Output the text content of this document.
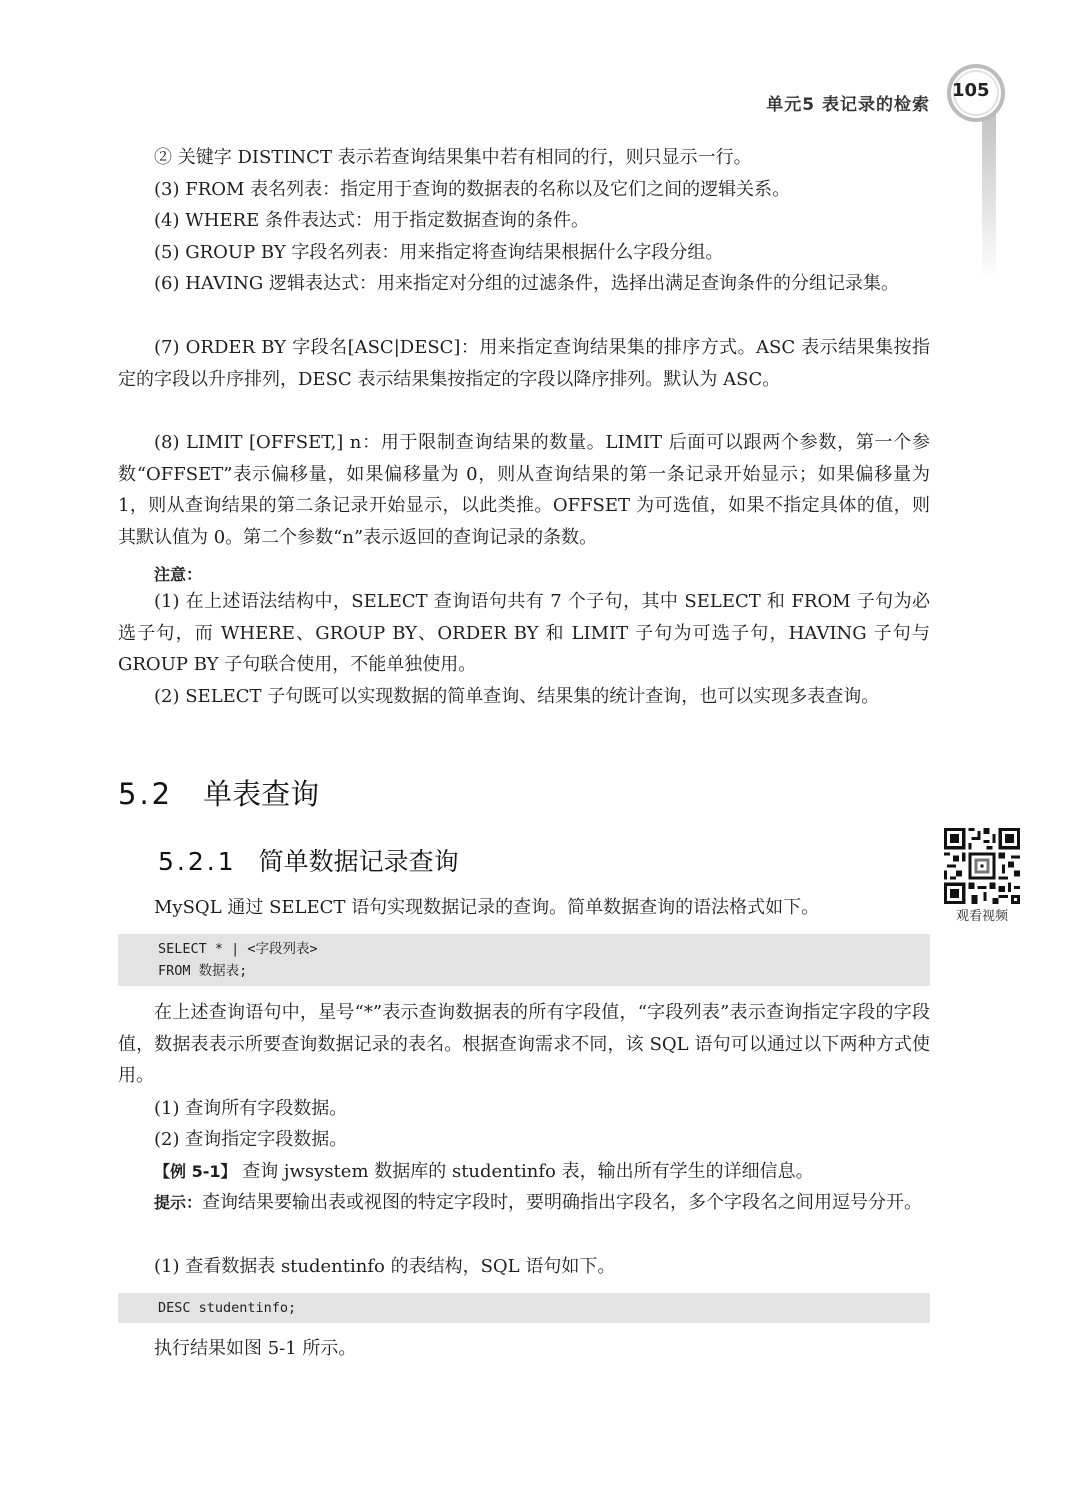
单元5 表记录的检索
105

② 关键字 DISTINCT 表示若查询结果集中若有相同的行，则只显示一行。

(3) FROM 表名列表：指定用于查询的数据表的名称以及它们之间的逻辑关系。

(4) WHERE 条件表达式：用于指定数据查询的条件。

(5) GROUP BY 字段名列表：用来指定将查询结果根据什么字段分组。

(6) HAVING 逻辑表达式：用来指定对分组的过滤条件，选择出满足查询条件的分组记录集。

(7) ORDER BY 字段名[ASC|DESC]：用来指定查询结果集的排序方式。ASC 表示结果集按指定的字段以升序排列，DESC 表示结果集按指定的字段以降序排列。默认为 ASC。

(8) LIMIT [OFFSET,] n：用于限制查询结果的数量。LIMIT 后面可以跟两个参数，第一个参数“OFFSET”表示偏移量，如果偏移量为 0，则从查询结果的第一条记录开始显示；如果偏移量为 1，则从查询结果的第二条记录开始显示，以此类推。OFFSET 为可选值，如果不指定具体的值，则其默认值为 0。第二个参数“n”表示返回的查询记录的条数。

注意：

(1) 在上述语法结构中，SELECT 查询语句共有 7 个子句，其中 SELECT 和 FROM 子句为必选子句，而 WHERE、GROUP BY、ORDER BY 和 LIMIT 子句为可选子句，HAVING 子句与 GROUP BY 子句联合使用，不能单独使用。

(2) SELECT 子句既可以实现数据的简单查询、结果集的统计查询，也可以实现多表查询。

5.2 单表查询
5.2.1 简单数据记录查询
观看视频

MySQL 通过 SELECT 语句实现数据记录的查询。简单数据查询的语法格式如下。

SELECT * | <字段列表>
FROM 数据表;

在上述查询语句中，星号“*”表示查询数据表的所有字段值，“字段列表”表示查询指定字段的字段值，数据表表示所要查询数据记录的表名。根据查询需求不同，该 SQL 语句可以通过以下两种方式使用。

(1) 查询所有字段数据。

(2) 查询指定字段数据。

【例 5-1】 查询 jwsystem 数据库的 studentinfo 表，输出所有学生的详细信息。

提示：查询结果要输出表或视图的特定字段时，要明确指出字段名，多个字段名之间用逗号分开。

(1) 查看数据表 studentinfo 的表结构，SQL 语句如下。

DESC studentinfo;

执行结果如图 5-1 所示。
